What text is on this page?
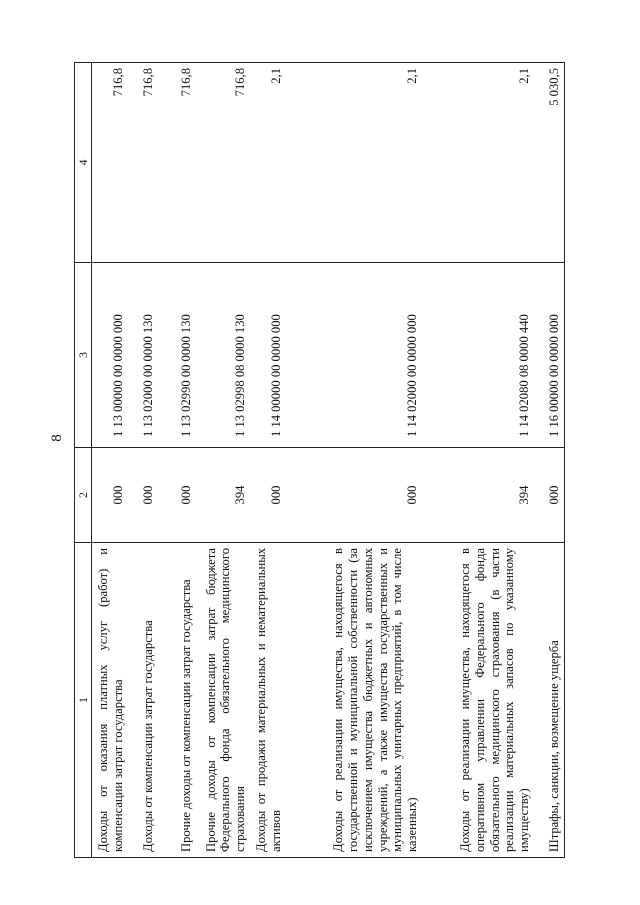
8
1	2	3	4
Доходы от оказания платных услуг (работ) и компенсации затрат государства	000	1 13 00000 00 0000 000	716,8
Доходы от компенсации затрат государства	000	1 13 02000 00 0000 130	716,8
Прочие доходы от компенсации затрат государства	000	1 13 02990 00 0000 130	716,8
Прочие доходы от компенсации затрат бюджета Федерального фонда обязательного медицинского страхования	394	1 13 02998 08 0000 130	716,8
Доходы от продажи материальных и нематериальных активов	000	1 14 00000 00 0000 000	2,1
Доходы от реализации имущества, находящегося в государственной и муниципальной собственности (за исключением имущества бюджетных и автономных учреждений, а также имущества государственных и муниципальных унитарных предприятий, в том числе казенных)	000	1 14 02000 00 0000 000	2,1
Доходы от реализации имущества, находящегося в оперативном управлении Федерального фонда обязательного медицинского страхования (в части реализации материальных запасов по указанному имуществу)	394	1 14 02080 08 0000 440	2,1
Штрафы, санкции, возмещение ущерба	000	1 16 00000 00 0000 000	5 030,5
